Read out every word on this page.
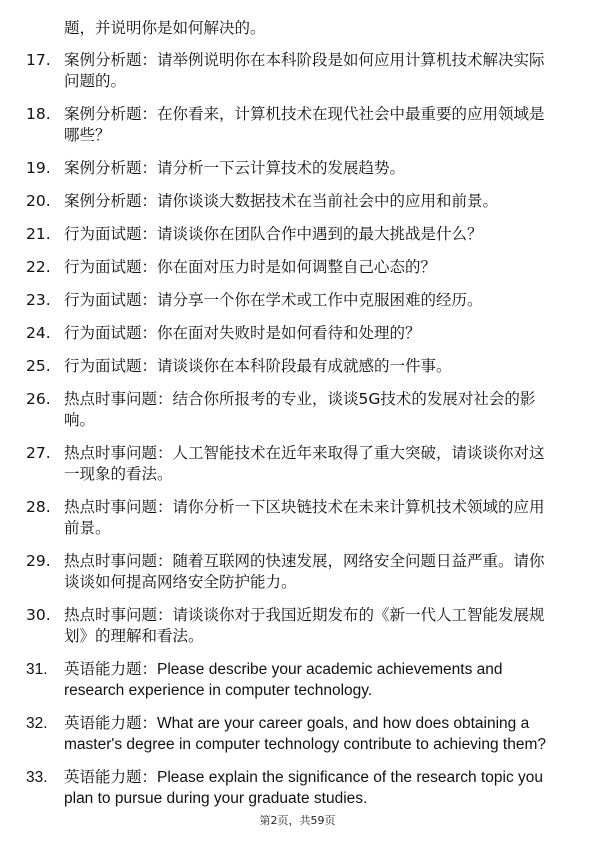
题，并说明你是如何解决的。

17. 案例分析题：请举例说明你在本科阶段是如何应用计算机技术解决实际问题的。
18. 案例分析题：在你看来，计算机技术在现代社会中最重要的应用领域是哪些？
19. 案例分析题：请分析一下云计算技术的发展趋势。
20. 案例分析题：请你谈谈大数据技术在当前社会中的应用和前景。
21. 行为面试题：请谈谈你在团队合作中遇到的最大挑战是什么？
22. 行为面试题：你在面对压力时是如何调整自己心态的？
23. 行为面试题：请分享一个你在学术或工作中克服困难的经历。
24. 行为面试题：你在面对失败时是如何看待和处理的？
25. 行为面试题：请谈谈你在本科阶段最有成就感的一件事。
26. 热点时事问题：结合你所报考的专业，谈谈5G技术的发展对社会的影响。
27. 热点时事问题：人工智能技术在近年来取得了重大突破，请谈谈你对这一现象的看法。
28. 热点时事问题：请你分析一下区块链技术在未来计算机技术领域的应用前景。
29. 热点时事问题：随着互联网的快速发展，网络安全问题日益严重。请你谈谈如何提高网络安全防护能力。
30. 热点时事问题：请谈谈你对于我国近期发布的《新一代人工智能发展规划》的理解和看法。
31.	英语能力题：Please describe your academic achievements and research experience in computer technology.
32.	英语能力题：What are your career goals, and how does obtaining a master's degree in computer technology contribute to achieving them?
33.	英语能力题：Please explain the significance of the research topic you plan to pursue during your graduate studies.
第2页，共59页
